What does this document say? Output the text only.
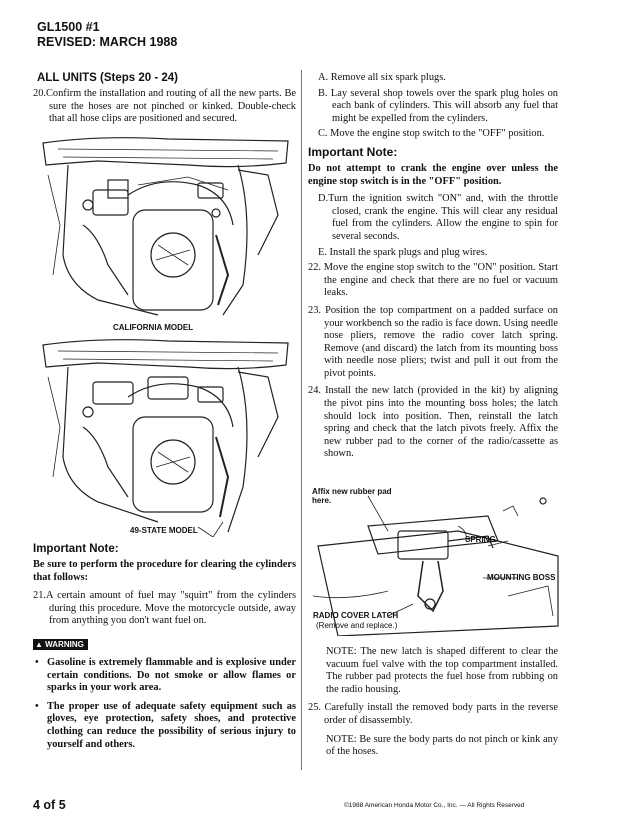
GL1500 #1
REVISED: MARCH 1988
ALL UNITS (Steps 20 - 24)

20.Confirm the installation and routing of all the new parts. Be sure the hoses are not pinched or kinked. Double-check that all hose clips are positioned and secured.

CALIFORNIA MODEL
49-STATE MODEL

Important Note:

Be sure to perform the procedure for clearing the cylinders that follows:

21.A certain amount of fuel may "squirt" from the cylinders during this procedure. Move the motorcycle outside, away from anything you don't want fuel on.

▲ WARNING

• Gasoline is extremely flammable and is explosive under certain conditions. Do not smoke or allow flames or sparks in your work area.

• The proper use of adequate safety equipment such as gloves, eye protection, safety shoes, and protective clothing can reduce the possibility of serious injury to yourself and others.

A. Remove all six spark plugs.

B. Lay several shop towels over the spark plug holes on each bank of cylinders. This will absorb any fuel that might be expelled from the cylinders.

C. Move the engine stop switch to the "OFF" position.

Important Note:

Do not attempt to crank the engine over unless the engine stop switch is in the "OFF" position.

D.Turn the ignition switch "ON" and, with the throttle closed, crank the engine. This will clear any residual fuel from the cylinders. Allow the engine to spin for several seconds.

E. Install the spark plugs and plug wires.

22. Move the engine stop switch to the "ON" position. Start the engine and check that there are no fuel or vacuum leaks.

23. Position the top compartment on a padded surface on your workbench so the radio is face down. Using needle nose pliers, remove the radio cover latch spring. Remove (and discard) the latch from its mounting boss with needle nose pliers; twist and pull it out from the pivot points.

24. Install the new latch (provided in the kit) by aligning the pivot pins into the mounting boss holes; the latch should lock into position. Then, reinstall the latch spring and check that the latch pivots freely. Affix the new rubber pad to the corner of the radio/cassette as shown.

Affix new rubber pad here.
SPRING
MOUNTING BOSS
RADIO COVER LATCH
(Remove and replace.)

NOTE: The new latch is shaped different to clear the vacuum fuel valve with the top compartment installed. The rubber pad protects the fuel hose from rubbing on the radio housing.

25. Carefully install the removed body parts in the reverse order of disassembly.

NOTE: Be sure the body parts do not pinch or kink any of the hoses.

4 of 5	©1988 American Honda Motor Co., Inc. — All Rights Reserved
